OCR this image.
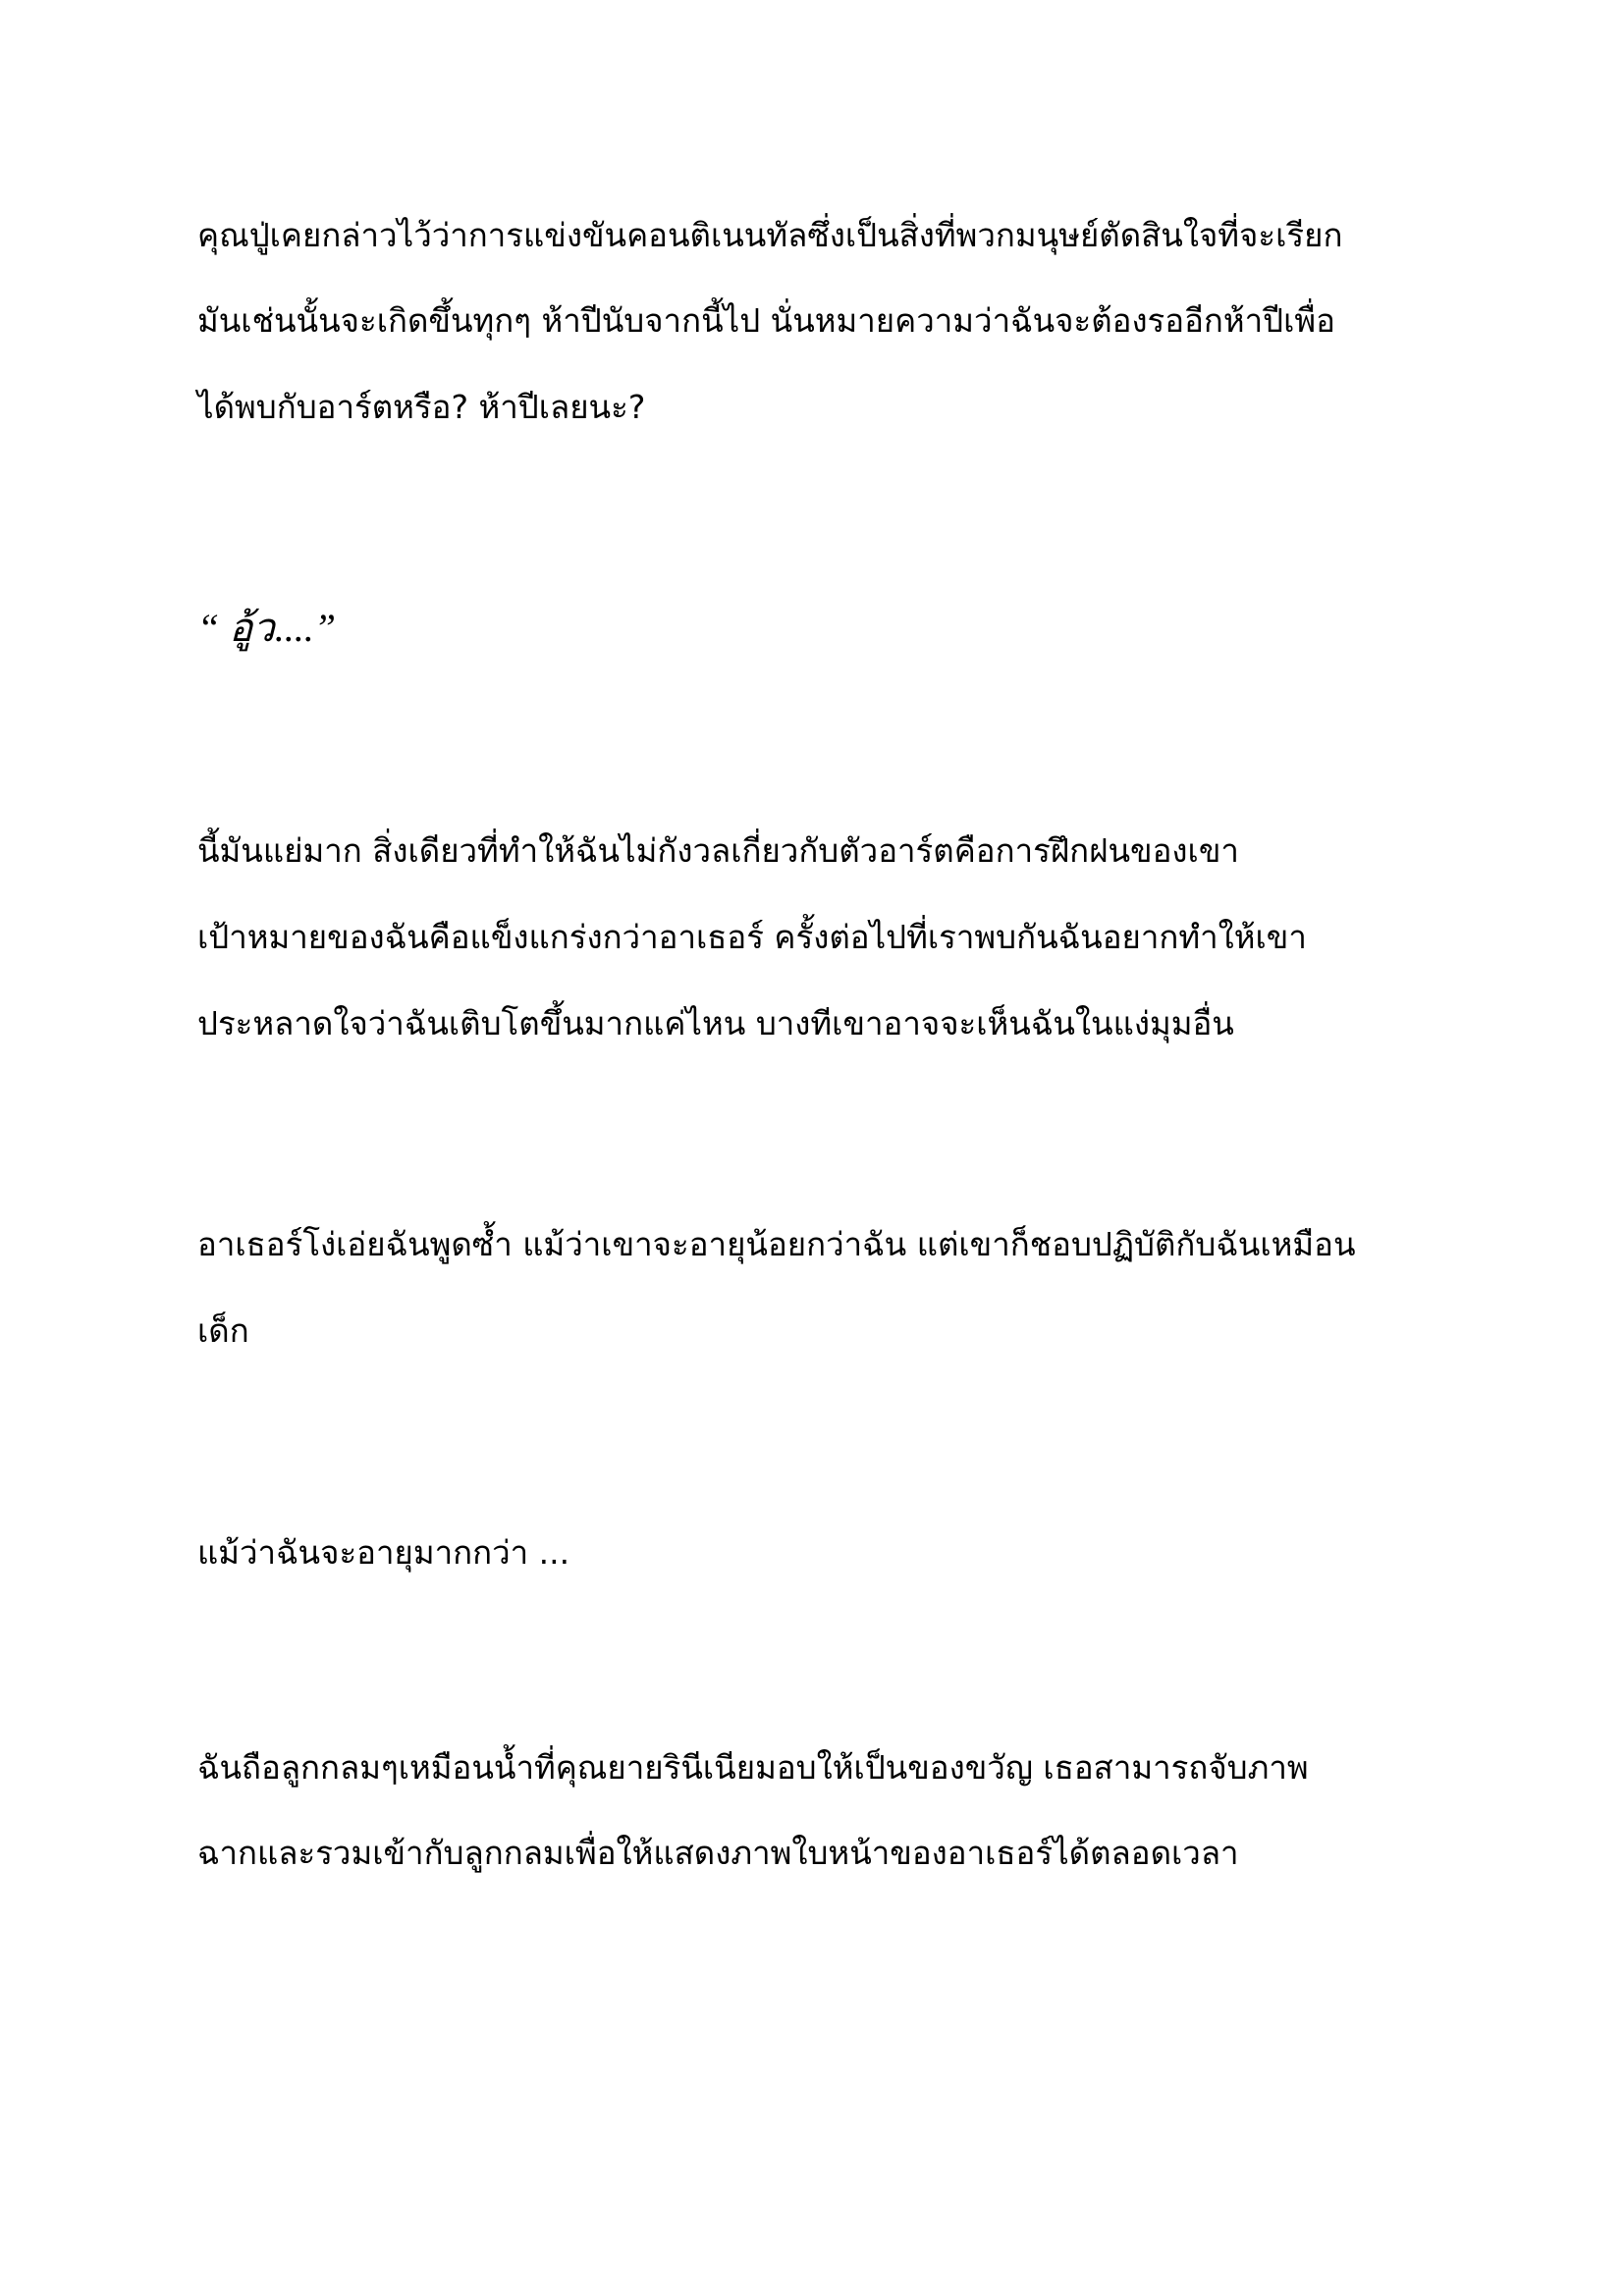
คุณปู่เคยกล่าวไว้ว่าการแข่งขันคอนติเนนทัลซึ่งเป็นสิ่งที่พวกมนุษย์ตัดสินใจที่จะเรียก
มันเช่นนั้นจะเกิดขึ้นทุกๆ ห้าปีนับจากนี้ไป นั่นหมายความว่าฉันจะต้องรออีกห้าปีเพื่อ
ได้พบกับอาร์ตหรือ? ห้าปีเลยนะ?
“ อู้ว....”
นี้มันแย่มาก สิ่งเดียวที่ทำให้ฉันไม่กังวลเกี่ยวกับตัวอาร์ตคือการฝึกฝนของเขา
เป้าหมายของฉันคือแข็งแกร่งกว่าอาเธอร์ ครั้งต่อไปที่เราพบกันฉันอยากทำให้เขา
ประหลาดใจว่าฉันเติบโตขึ้นมากแค่ไหน บางทีเขาอาจจะเห็นฉันในแง่มุมอื่น
อาเธอร์โง่เอ่ยฉันพูดซ้ำ แม้ว่าเขาจะอายุน้อยกว่าฉัน แต่เขาก็ชอบปฏิบัติกับฉันเหมือน
เด็ก
แม้ว่าฉันจะอายุมากกว่า ...
ฉันถือลูกกลมๆเหมือนน้ำที่คุณยายรินีเนียมอบให้เป็นของขวัญ เธอสามารถจับภาพ
ฉากและรวมเข้ากับลูกกลมเพื่อให้แสดงภาพใบหน้าของอาเธอร์ได้ตลอดเวลา
